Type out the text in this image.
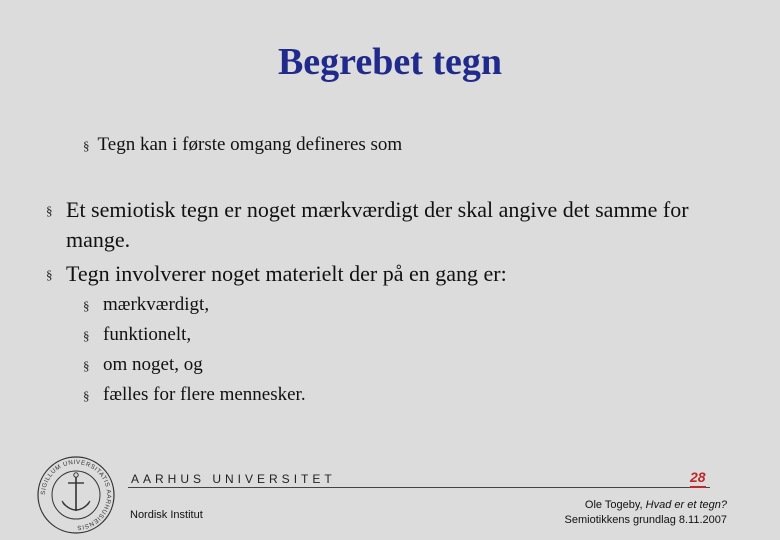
Begrebet tegn
§ Tegn kan i første omgang defineres som
§ Et semiotisk tegn er noget mærkværdigt der skal angive det samme for mange.
§ Tegn involverer noget materielt der på en gang er:
§ mærkværdigt,
§ funktionelt,
§ om noget, og
§ fælles for flere mennesker.
SIGILLUM UNIVERSITATIS AARHUSIENSIS
AARHUS UNIVERSITET	28
Nordisk Institut
Ole Togeby, Hvad er et tegn?
Semiotikkens grundlag 8.11.2007
